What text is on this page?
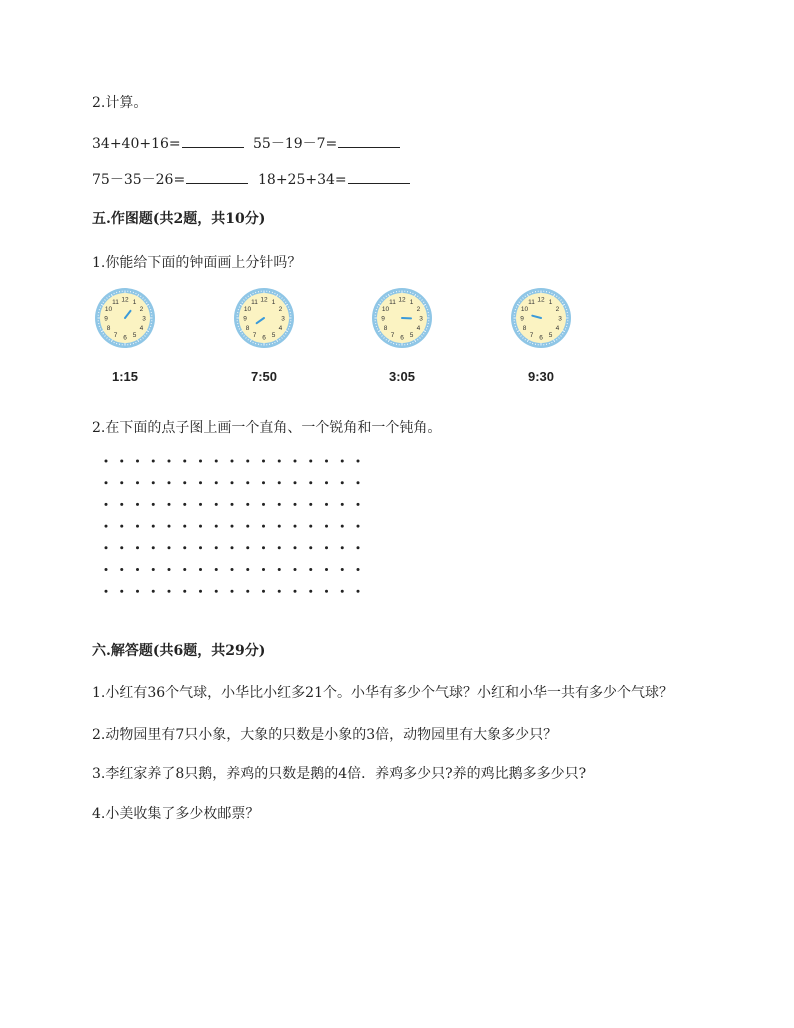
2.计算。
34+40+16=	55－19－7=
75－35－26=	18+25+34=
五.作图题(共2题，共10分)
1.你能给下面的钟面画上分针吗？
1
2
3
4
5
6
7
8
9
10
11 12
1:15
1
2
3
4
5
6
7
8
9
10
11 12
7:50
1
2
3
4
5
6
7
8
9
10
11 12
3:05
1
2
3
4
5
6
7
8
9
10
11 12
9:30
2.在下面的点子图上画一个直角、一个锐角和一个钝角。
六.解答题(共6题，共29分)
1.小红有36个气球，小华比小红多21个。小华有多少个气球？小红和小华一共有多少个气球？
2.动物园里有7只小象，大象的只数是小象的3倍，动物园里有大象多少只？
3.李红家养了8只鹅，养鸡的只数是鹅的4倍．养鸡多少只?养的鸡比鹅多多少只?
4.小美收集了多少枚邮票？
